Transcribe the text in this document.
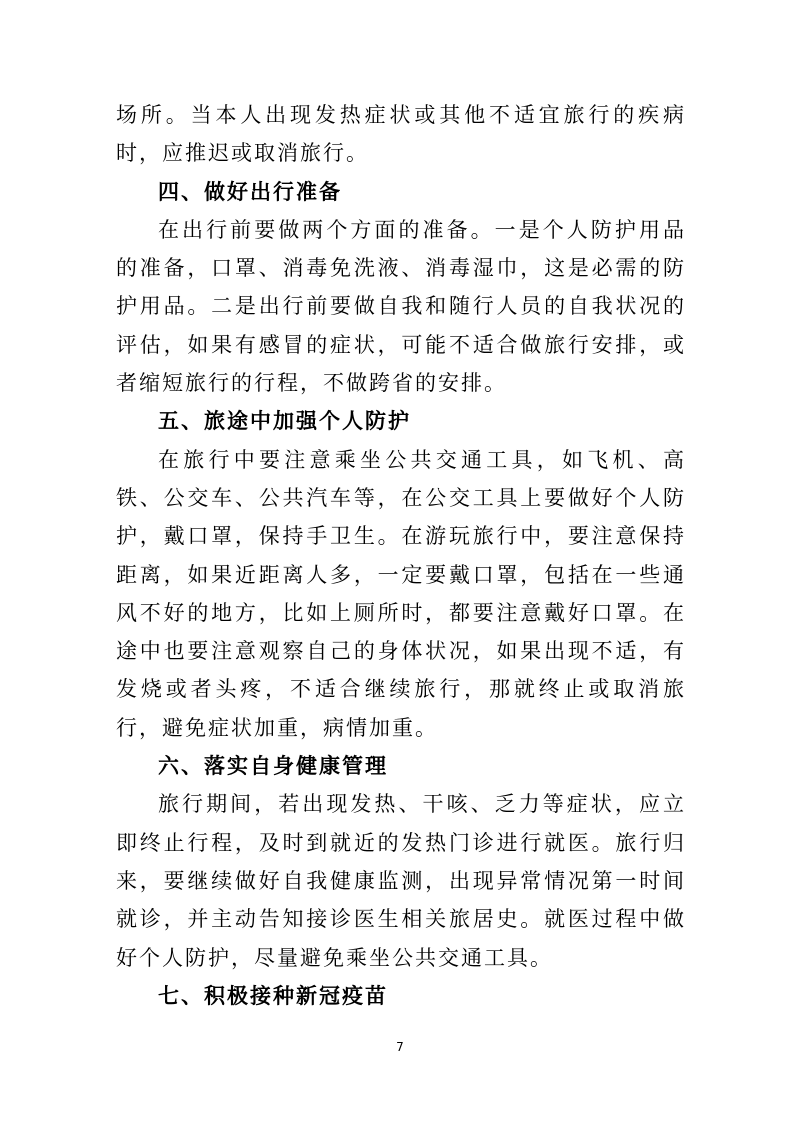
场所。当本人出现发热症状或其他不适宜旅行的疾病时，应推迟或取消旅行。

四、做好出行准备

在出行前要做两个方面的准备。一是个人防护用品的准备，口罩、消毒免洗液、消毒湿巾，这是必需的防护用品。二是出行前要做自我和随行人员的自我状况的评估，如果有感冒的症状，可能不适合做旅行安排，或者缩短旅行的行程，不做跨省的安排。

五、旅途中加强个人防护

在旅行中要注意乘坐公共交通工具，如飞机、高铁、公交车、公共汽车等，在公交工具上要做好个人防护，戴口罩，保持手卫生。在游玩旅行中，要注意保持距离，如果近距离人多，一定要戴口罩，包括在一些通风不好的地方，比如上厕所时，都要注意戴好口罩。在途中也要注意观察自己的身体状况，如果出现不适，有发烧或者头疼，不适合继续旅行，那就终止或取消旅行，避免症状加重，病情加重。

六、落实自身健康管理

旅行期间，若出现发热、干咳、乏力等症状，应立即终止行程，及时到就近的发热门诊进行就医。旅行归来，要继续做好自我健康监测，出现异常情况第一时间就诊，并主动告知接诊医生相关旅居史。就医过程中做好个人防护，尽量避免乘坐公共交通工具。

七、积极接种新冠疫苗

7
